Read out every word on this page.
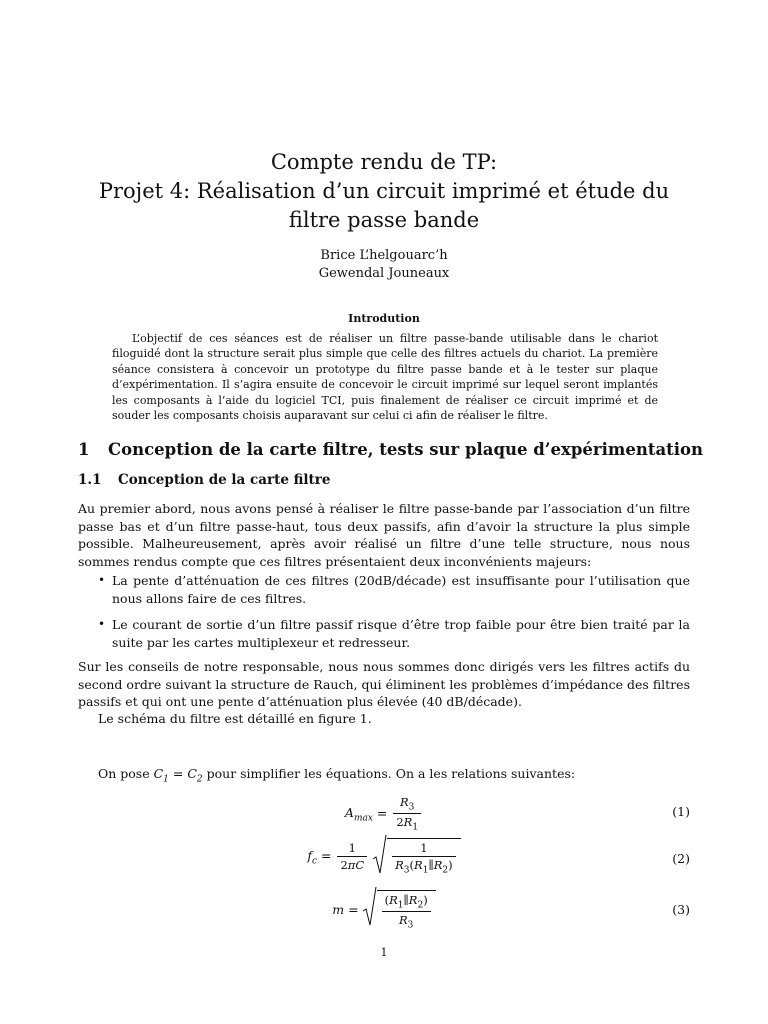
Compte rendu de TP:
Projet 4: Réalisation d’un circuit imprimé et étude du
filtre passe bande
Brice L’helgouarc’h
Gewendal Jouneaux
Introdution

L’objectif de ces séances est de réaliser un filtre passe-bande utilisable dans le chariot filoguidé dont la structure serait plus simple que celle des filtres actuels du chariot. La première séance consistera à concevoir un prototype du filtre passe bande et à le tester sur plaque d’expérimentation. Il s’agira ensuite de concevoir le circuit imprimé sur lequel seront implantés les composants à l’aide du logiciel TCI, puis finalement de réaliser ce circuit imprimé et de souder les composants choisis auparavant sur celui ci afin de réaliser le filtre.

1 Conception de la carte filtre, tests sur plaque d’expérimentation
1.1 Conception de la carte filtre

Au premier abord, nous avons pensé à réaliser le filtre passe-bande par l’association d’un filtre passe bas et d’un filtre passe-haut, tous deux passifs, afin d’avoir la structure la plus simple possible. Malheureusement, après avoir réalisé un filtre d’une telle structure, nous nous sommes rendus compte que ces filtres présentaient deux inconvénients majeurs:

• La pente d’atténuation de ces filtres (20dB/décade) est insuffisante pour l’utilisation que nous allons faire de ces filtres.
• Le courant de sortie d’un filtre passif risque d’être trop faible pour être bien traité par la suite par les cartes multiplexeur et redresseur.

Sur les conseils de notre responsable, nous nous sommes donc dirigés vers les filtres actifs du second ordre suivant la structure de Rauch, qui éliminent les problèmes d’impédance des filtres passifs et qui ont une pente d’atténuation plus élevée (40 dB/décade).

Le schéma du filtre est détaillé en figure 1.

On pose $C_1 = C_2$ pour simplifier les équations. On a les relations suivantes:

$A_{max} = \frac{R_3}{2R_1}$	(1)
$f_c = \frac{1}{2\pi C}$
$\frac{1}{R_3(R_1\parallel R_2)}$	(2)
$m = \frac{(R_1\parallel R_2)}{R_3}$	(3)
1
